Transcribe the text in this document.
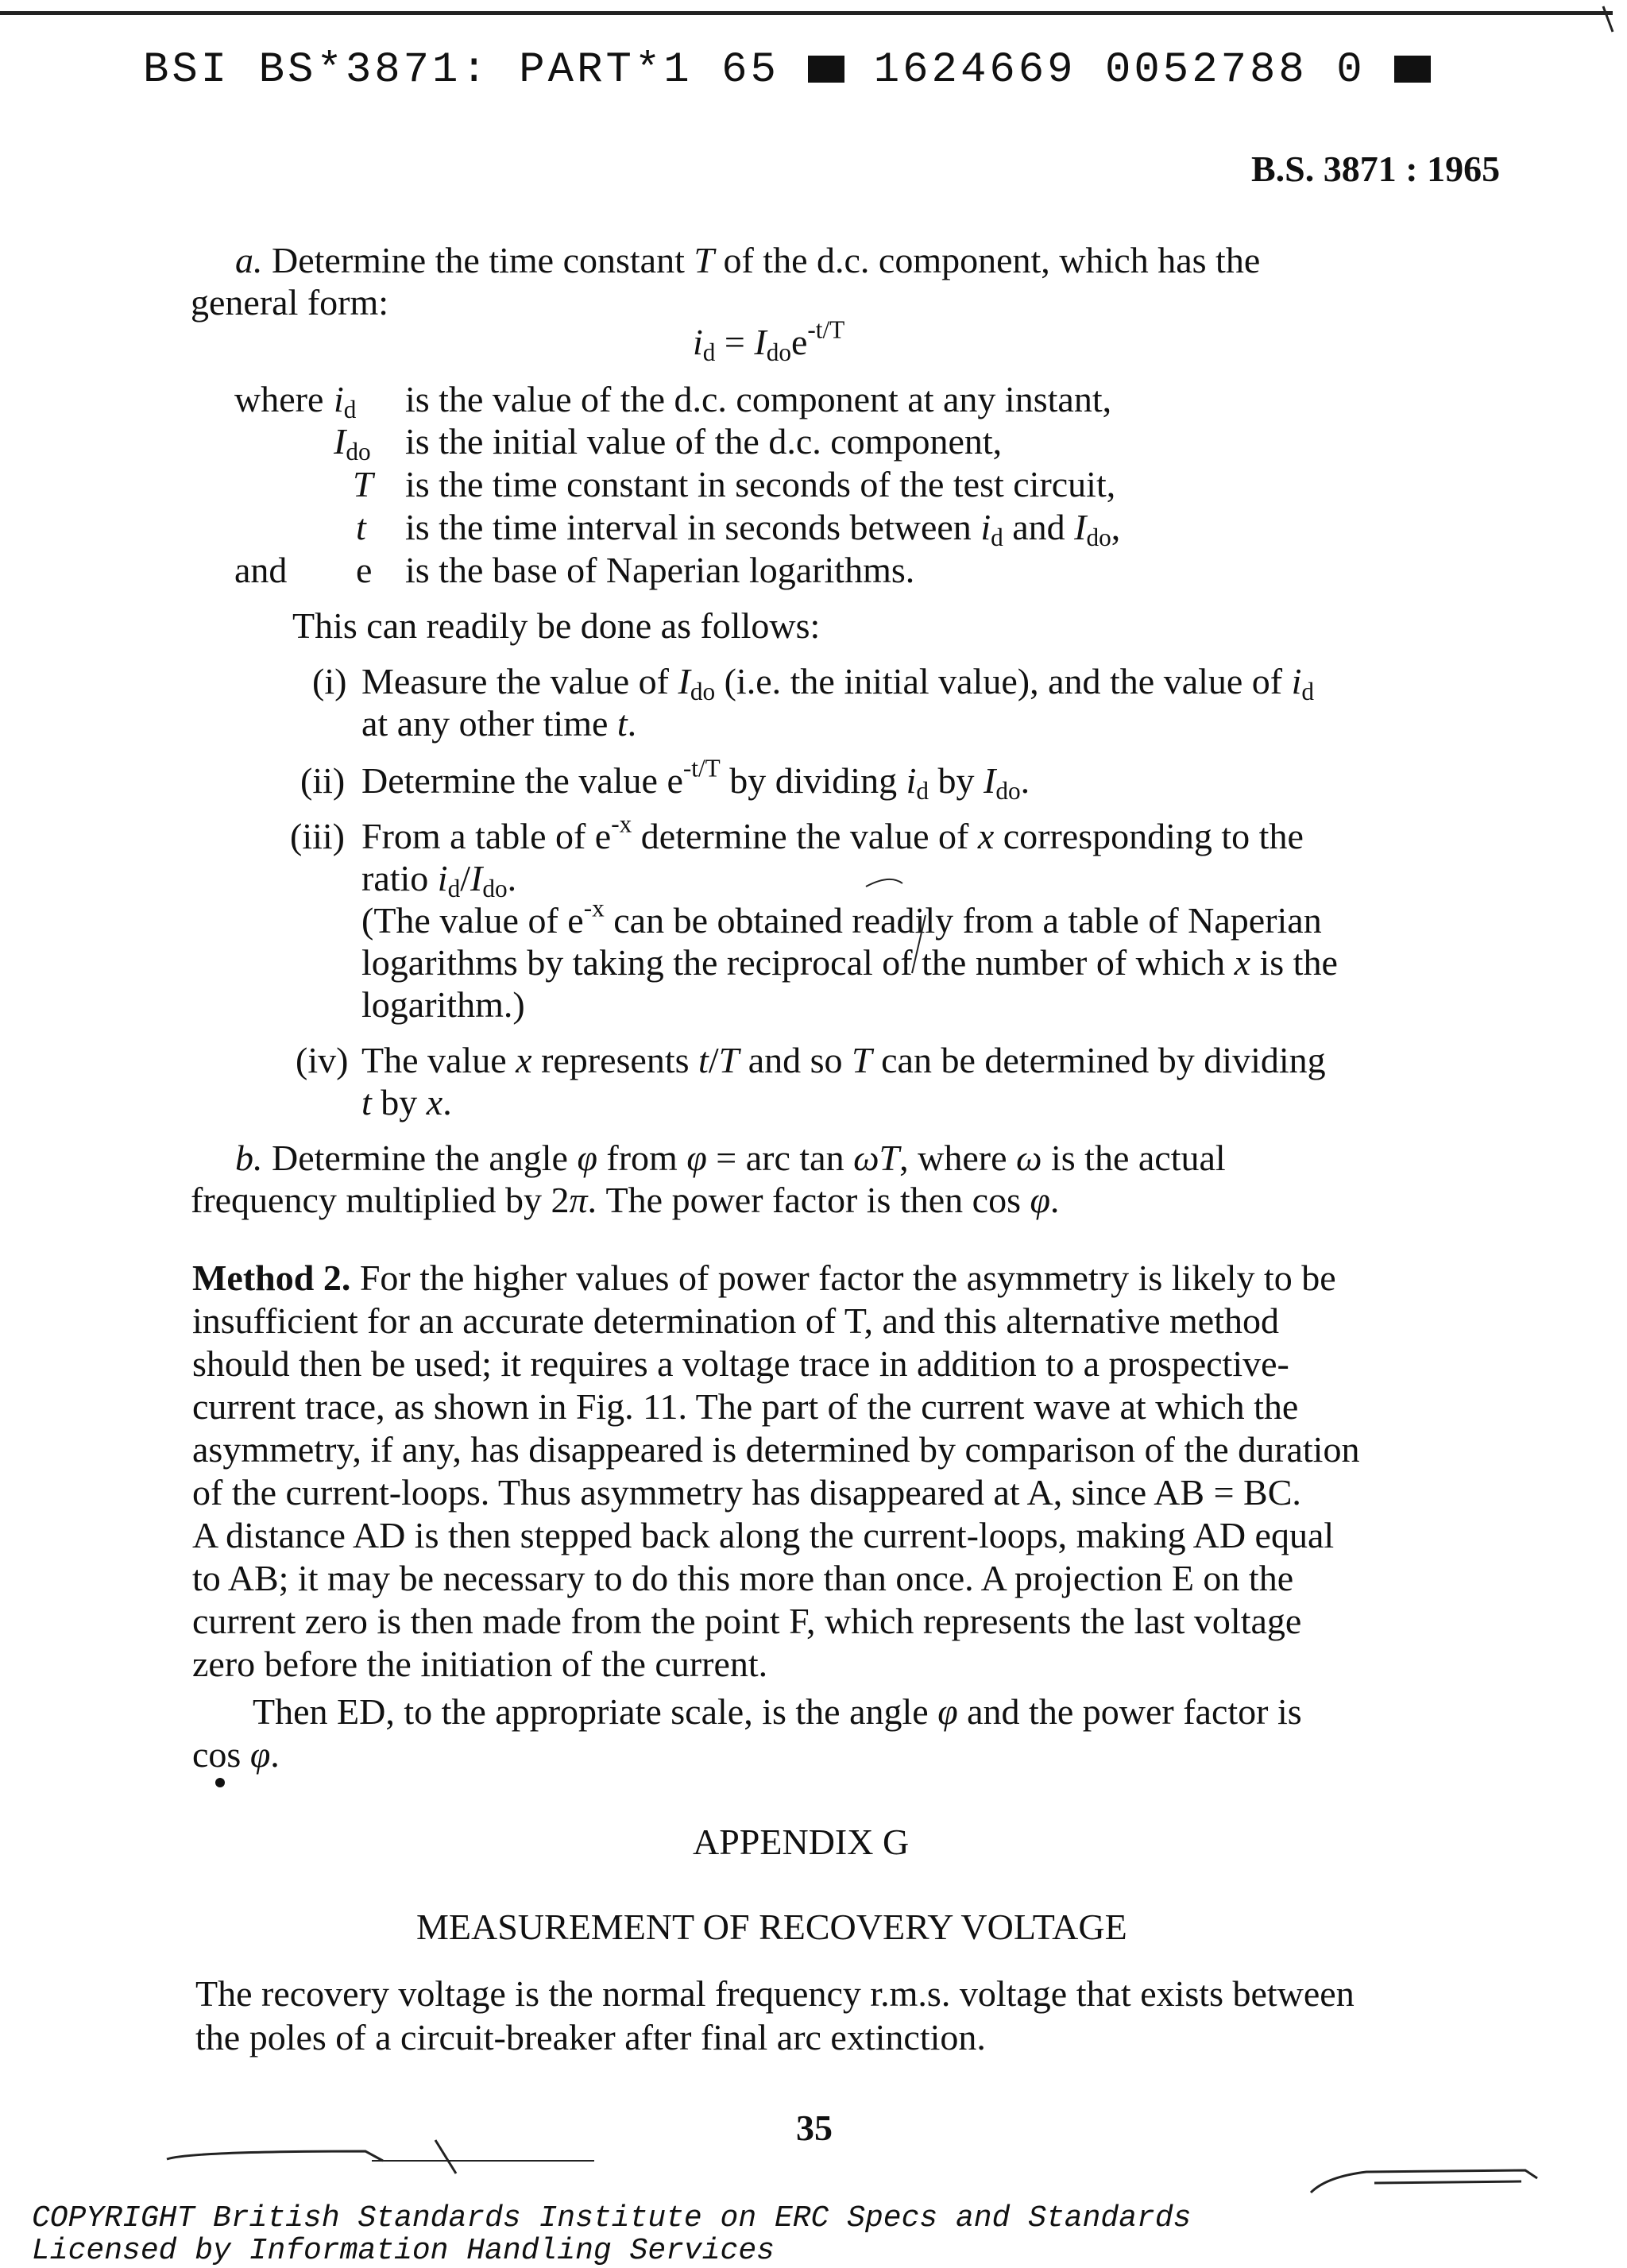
BSI BS*3871: PART*1 65 1624669 0052788 0
B.S. 3871 : 1965
a. Determine the time constant T of the d.c. component, which has the
general form:
$i_d = I_{do}e^{-t/T}$
where
and
$i_d$ is the value of the d.c. component at any instant,
$I_{do}$ is the initial value of the d.c. component,
T is the time constant in seconds of the test circuit,
t is the time interval in seconds between $i_d$ and $I_{do}$,
e is the base of Naperian logarithms.
This can readily be done as follows:
(i) Measure the value of $I_{do}$ (i.e. the initial value), and the value of $i_d$
at any other time t.
(ii) Determine the value $e^{-t/T}$ by dividing $i_d$ by $I_{do}$.
(iii) From a table of $e^{-x}$ determine the value of x corresponding to the
ratio $i_d/I_{do}$.
(The value of $e^{-x}$ can be obtained readily from a table of Naperian
logarithms by taking the reciprocal of the number of which x is the
logarithm.)
(iv) The value x represents t/T and so T can be determined by dividing
t by x.
b. Determine the angle φ from φ = arc tan ωT, where ω is the actual
frequency multiplied by 2π. The power factor is then cos φ.
Method 2. For the higher values of power factor the asymmetry is likely to be
insufficient for an accurate determination of T, and this alternative method
should then be used; it requires a voltage trace in addition to a prospective-
current trace, as shown in Fig. 11. The part of the current wave at which the
asymmetry, if any, has disappeared is determined by comparison of the duration
of the current-loops. Thus asymmetry has disappeared at A, since AB = BC.
A distance AD is then stepped back along the current-loops, making AD equal
to AB; it may be necessary to do this more than once. A projection E on the
current zero is then made from the point F, which represents the last voltage
zero before the initiation of the current.
Then ED, to the appropriate scale, is the angle φ and the power factor is
cos φ.
APPENDIX G
MEASUREMENT OF RECOVERY VOLTAGE
The recovery voltage is the normal frequency r.m.s. voltage that exists between
the poles of a circuit-breaker after final arc extinction.
35
COPYRIGHT British Standards Institute on ERC Specs and Standards
Licensed by Information Handling Services
